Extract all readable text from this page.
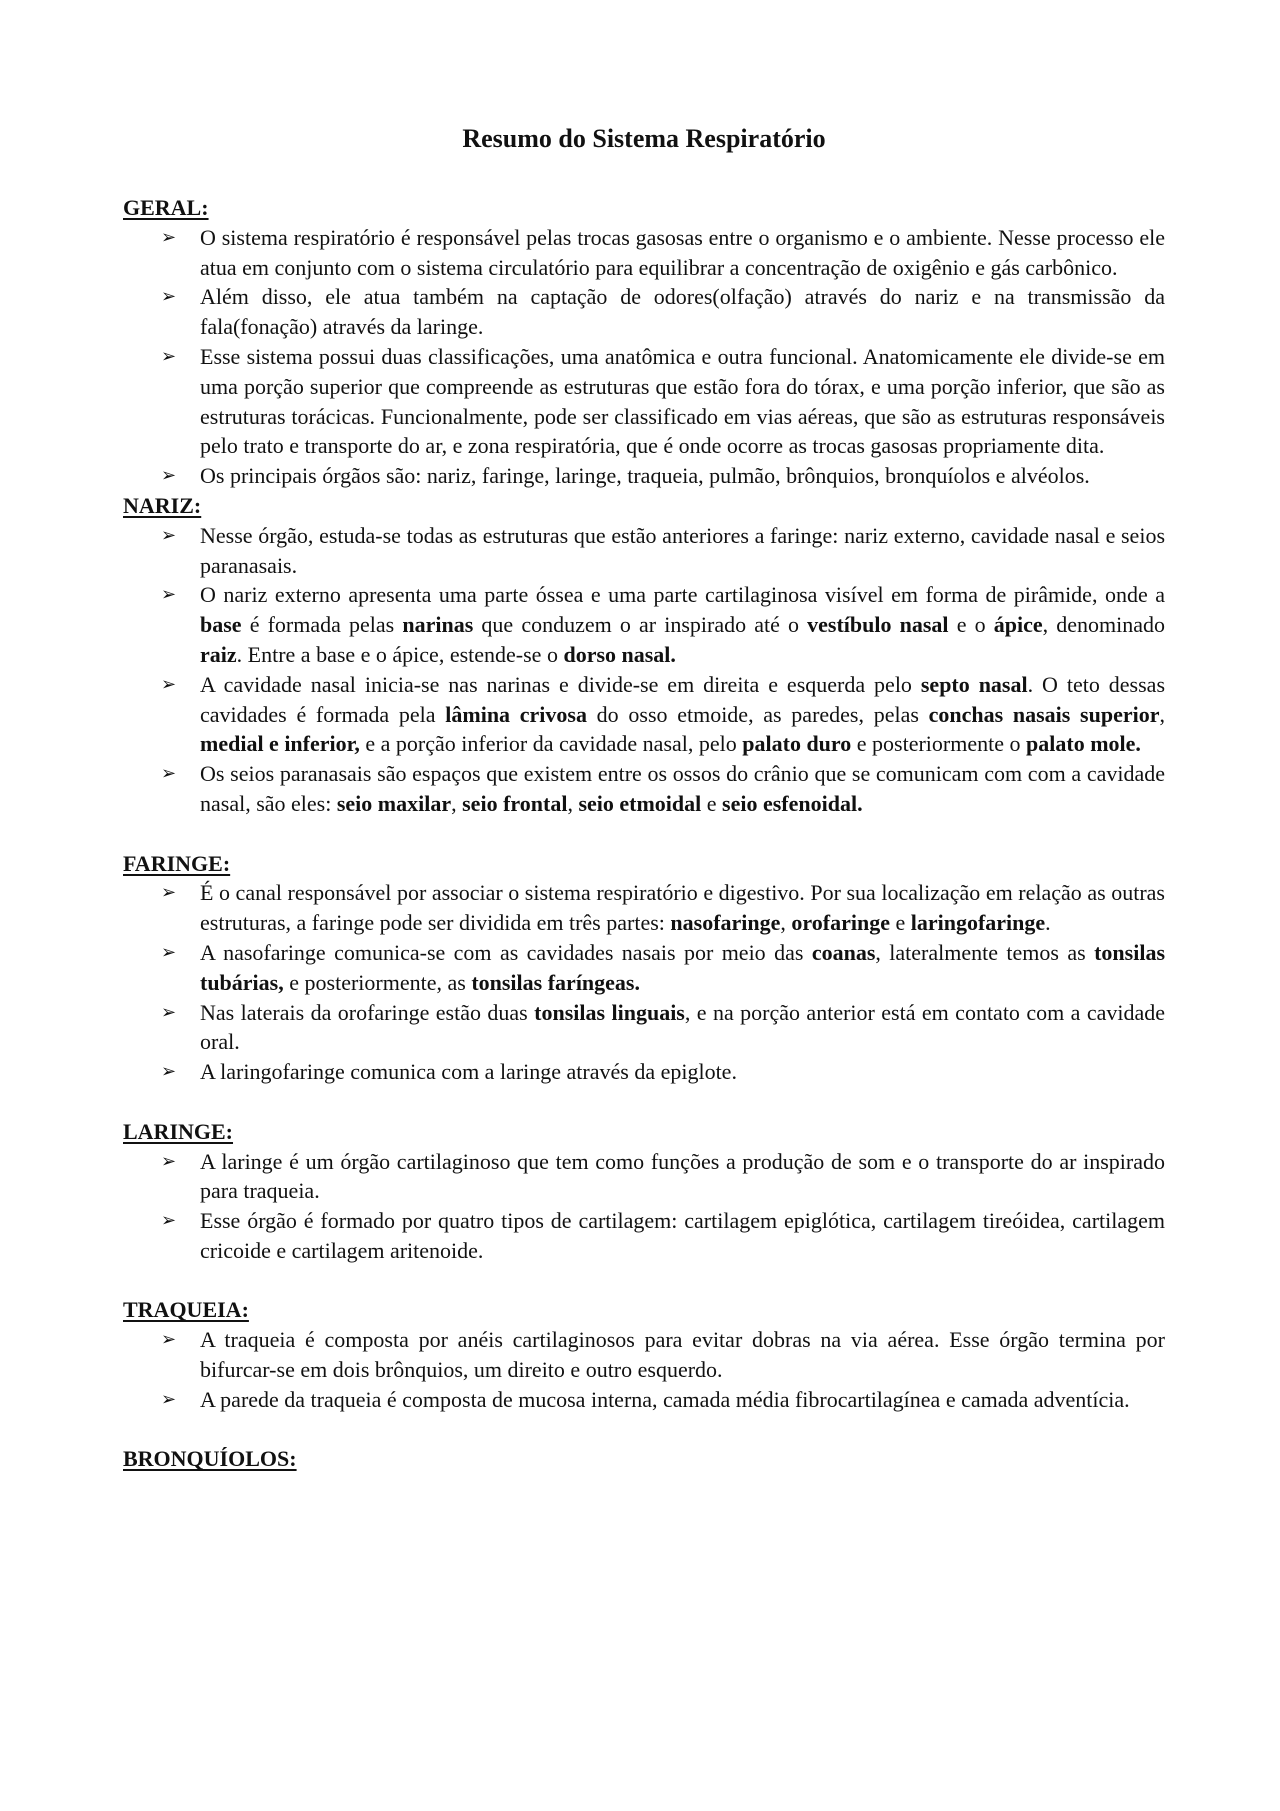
Resumo do Sistema Respiratório
GERAL:
➢ O sistema respiratório é responsável pelas trocas gasosas entre o organismo e o ambiente. Nesse processo ele atua em conjunto com o sistema circulatório para equilibrar a concentração de oxigênio e gás carbônico.
➢ Além disso, ele atua também na captação de odores(olfação) através do nariz e na transmissão da fala(fonação) através da laringe.
➢ Esse sistema possui duas classificações, uma anatômica e outra funcional. Anatomicamente ele divide-se em uma porção superior que compreende as estruturas que estão fora do tórax, e uma porção inferior, que são as estruturas torácicas. Funcionalmente, pode ser classificado em vias aéreas, que são as estruturas responsáveis pelo trato e transporte do ar, e zona respiratória, que é onde ocorre as trocas gasosas propriamente dita.
➢ Os principais órgãos são: nariz, faringe, laringe, traqueia, pulmão, brônquios, bronquíolos e alvéolos.
NARIZ:
➢ Nesse órgão, estuda-se todas as estruturas que estão anteriores a faringe: nariz externo, cavidade nasal e seios paranasais.
➢ O nariz externo apresenta uma parte óssea e uma parte cartilaginosa visível em forma de pirâmide, onde a base é formada pelas narinas que conduzem o ar inspirado até o vestíbulo nasal e o ápice, denominado raiz. Entre a base e o ápice, estende-se o dorso nasal.
➢ A cavidade nasal inicia-se nas narinas e divide-se em direita e esquerda pelo septo nasal. O teto dessas cavidades é formada pela lâmina crivosa do osso etmoide, as paredes, pelas conchas nasais superior, medial e inferior, e a porção inferior da cavidade nasal, pelo palato duro e posteriormente o palato mole.
➢ Os seios paranasais são espaços que existem entre os ossos do crânio que se comunicam com com a cavidade nasal, são eles: seio maxilar, seio frontal, seio etmoidal e seio esfenoidal.
FARINGE:
➢ É o canal responsável por associar o sistema respiratório e digestivo. Por sua localização em relação as outras estruturas, a faringe pode ser dividida em três partes: nasofaringe, orofaringe e laringofaringe.
➢ A nasofaringe comunica-se com as cavidades nasais por meio das coanas, lateralmente temos as tonsilas tubárias, e posteriormente, as tonsilas faríngeas.
➢ Nas laterais da orofaringe estão duas tonsilas linguais, e na porção anterior está em contato com a cavidade oral.
➢ A laringofaringe comunica com a laringe através da epiglote.
LARINGE:
➢ A laringe é um órgão cartilaginoso que tem como funções a produção de som e o transporte do ar inspirado para traqueia.
➢ Esse órgão é formado por quatro tipos de cartilagem: cartilagem epiglótica, cartilagem tireóidea, cartilagem cricoide e cartilagem aritenoide.
TRAQUEIA:
➢ A traqueia é composta por anéis cartilaginosos para evitar dobras na via aérea. Esse órgão termina por bifurcar-se em dois brônquios, um direito e outro esquerdo.
➢ A parede da traqueia é composta de mucosa interna, camada média fibrocartilagínea e camada adventícia.
BRONQUÍOLOS:
